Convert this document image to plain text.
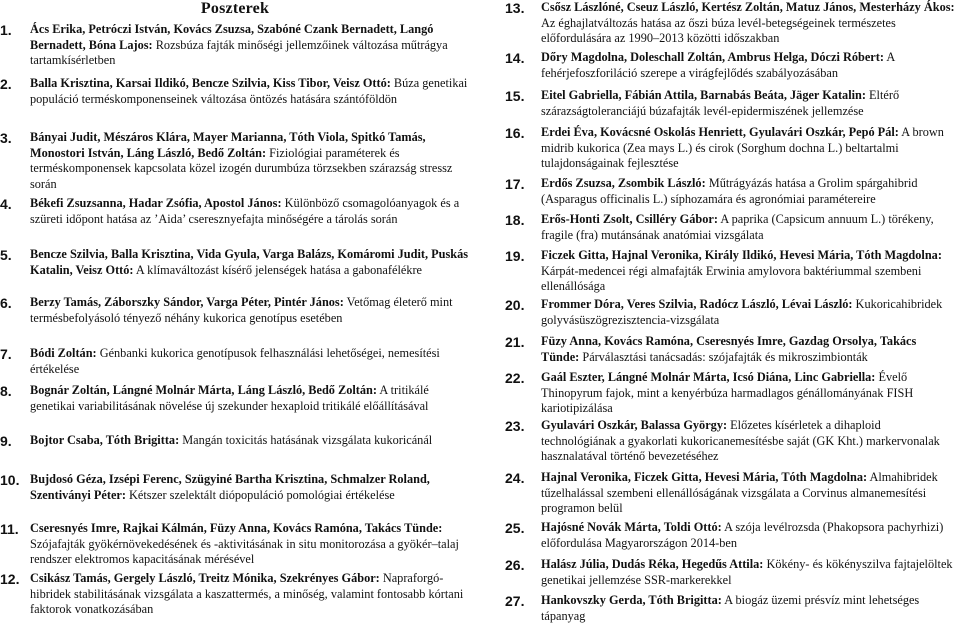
Poszterek
1. Ács Erika, Petróczi István, Kovács Zsuzsa, Szabóné Czank Bernadett, Langó Bernadett, Bóna Lajos: Rozsbúza fajták minőségi jellemzőinek változása műtrágya tartamkísérletben
2. Balla Krisztina, Karsai Ildikó, Bencze Szilvia, Kiss Tibor, Veisz Ottó: Búza genetikai populáció terméskomponenseinek változása öntözés hatására szántóföldön
3. Bányai Judit, Mészáros Klára, Mayer Marianna, Tóth Viola, Spitkó Tamás, Monostori István, Láng László, Bedő Zoltán: Fiziológiai paraméterek és terméskomponensek kapcsolata közel izogén durumbúza törzsekben szárazság stressz során
4. Békefi Zsuzsanna, Hadar Zsófia, Apostol János: Különböző csomagolóanyagok és a szüreti időpont hatása az ’Aida’ cseresznyefajta minőségére a tárolás során
5. Bencze Szilvia, Balla Krisztina, Vida Gyula, Varga Balázs, Komáromi Judit, Puskás Katalin, Veisz Ottó: A klímaváltozást kísérő jelenségek hatása a gabonafélékre
6. Berzy Tamás, Záborszky Sándor, Varga Péter, Pintér János: Vetőmag életerő mint termésbefolyásoló tényező néhány kukorica genotípus esetében
7. Bódi Zoltán: Génbanki kukorica genotípusok felhasználási lehetőségei, nemesítési értékelése
8. Bognár Zoltán, Lángné Molnár Márta, Láng László, Bedő Zoltán: A tritikálé genetikai variabilitásának növelése új szekunder hexaploid tritikálé előállításával
9. Bojtor Csaba, Tóth Brigitta: Mangán toxicitás hatásának vizsgálata kukoricánál
10. Bujdosó Géza, Izsépi Ferenc, Szügyiné Bartha Krisztina, Schmalzer Roland, Szentiványi Péter: Kétszer szelektált diópopuláció pomológiai értékelése
11. Cseresnyés Imre, Rajkai Kálmán, Füzy Anna, Kovács Ramóna, Takács Tünde: Szójafajták gyökérnövekedésének és -aktivitásának in situ monitorozása a gyökér–talaj rendszer elektromos kapacitásának mérésével
12. Csikász Tamás, Gergely László, Treitz Mónika, Szekrényes Gábor: Napraforgó-hibridek stabilitásának vizsgálata a kaszattermés, a minőség, valamint fontosabb kórtani faktorok vonatkozásában
13. Csősz Lászlóné, Cseuz László, Kertész Zoltán, Matuz János, Mesterházy Ákos: Az éghajlatváltozás hatása az őszi búza levél-betegségeinek természetes előfordulására az 1990–2013 közötti időszakban
14. Dőry Magdolna, Doleschall Zoltán, Ambrus Helga, Dóczi Róbert: A fehérjefoszforiláció szerepe a virágfejlődés szabályozásában
15. Eitel Gabriella, Fábián Attila, Barnabás Beáta, Jäger Katalin: Eltérő szárazságtoleranciájú búzafajták levél-epidermiszének jellemzése
16. Erdei Éva, Kovácsné Oskolás Henriett, Gyulavári Oszkár, Pepó Pál: A brown midrib kukorica (Zea mays L.) és cirok (Sorghum dochna L.) beltartalmi tulajdonságainak fejlesztése
17. Erdős Zsuzsa, Zsombik László: Műtrágyázás hatása a Grolim spárgahibrid (Asparagus officinalis L.) síphozamára és agronómiai paramétereire
18. Erős-Honti Zsolt, Csilléry Gábor: A paprika (Capsicum annuum L.) törékeny, fragile (fra) mutánsának anatómiai vizsgálata
19. Ficzek Gitta, Hajnal Veronika, Király Ildikó, Hevesi Mária, Tóth Magdolna: Kárpát-medencei régi almafajták Erwinia amylovora baktériummal szembeni ellenállósága
20. Frommer Dóra, Veres Szilvia, Radócz László, Lévai László: Kukoricahibridek golyvásüszögrezisztencia-vizsgálata
21. Füzy Anna, Kovács Ramóna, Cseresnyés Imre, Gazdag Orsolya, Takács Tünde: Párválasztási tanácsadás: szójafajták és mikroszimbionták
22. Gaál Eszter, Lángné Molnár Márta, Icsó Diána, Linc Gabriella: Évelő Thinopyrum fajok, mint a kenyérbúza harmadlagos génállományának FISH kariotipizálása
23. Gyulavári Oszkár, Balassa György: Előzetes kísérletek a dihaploid technológiának a gyakorlati kukoricanemesítésbe saját (GK Kht.) markervonalak hasznalatával történő bevezetéséhez
24. Hajnal Veronika, Ficzek Gitta, Hevesi Mária, Tóth Magdolna: Almahibridek tűzelhalással szembeni ellenállóságának vizsgálata a Corvinus almanemesítési programon belül
25. Hajósné Novák Márta, Toldi Ottó: A szója levélrozsda (Phakopsora pachyrhizi) előfordulása Magyarországon 2014-ben
26. Halász Júlia, Dudás Réka, Hegedűs Attila: Kökény- és kökényszilva fajtajelöltek genetikai jellemzése SSR-markerekkel
27. Hankovszky Gerda, Tóth Brigitta: A biogáz üzemi présvíz mint lehetséges tápanyag
